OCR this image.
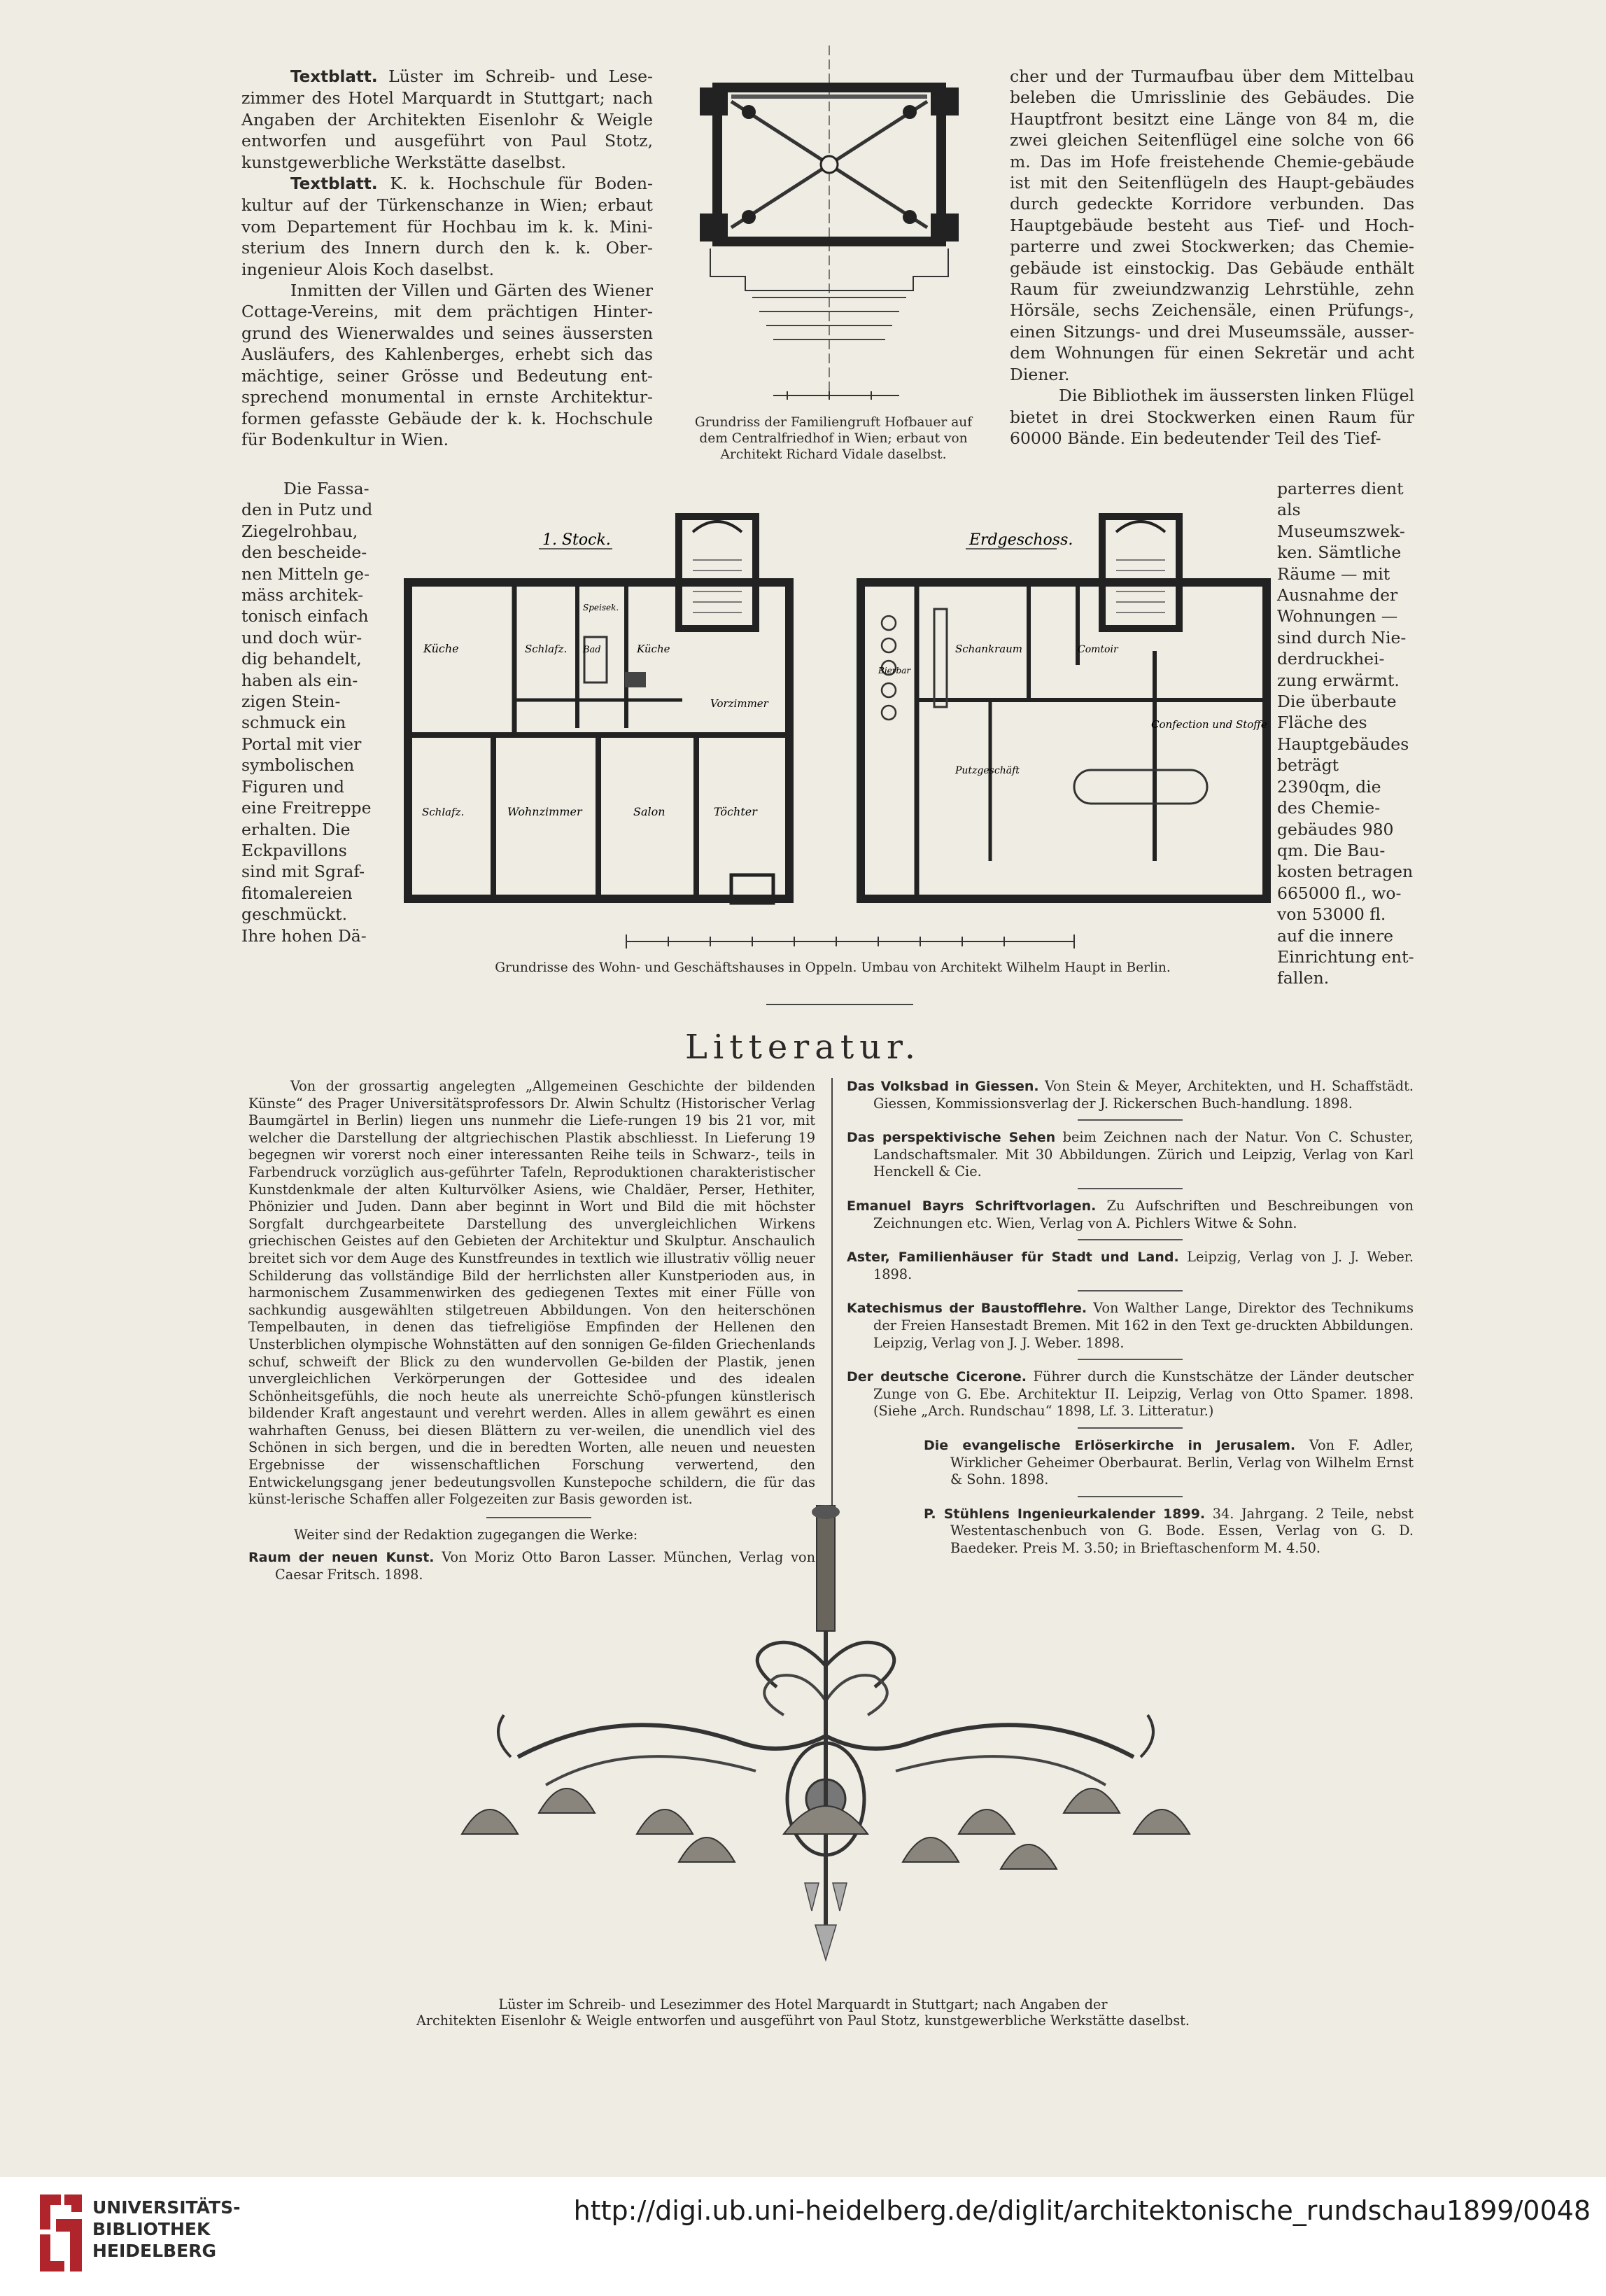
Textblatt. Lüster im Schreib- und Lese-zimmer des Hotel Marquardt in Stuttgart; nach Angaben der Architekten Eisenlohr & Weigle entworfen und ausgeführt von Paul Stotz, kunstgewerbliche Werkstätte daselbst.

Textblatt. K. k. Hochschule für Boden-kultur auf der Türkenschanze in Wien; erbaut vom Departement für Hochbau im k. k. Mini-sterium des Innern durch den k. k. Ober-ingenieur Alois Koch daselbst.

Inmitten der Villen und Gärten des Wiener Cottage-Vereins, mit dem prächtigen Hinter-grund des Wienerwaldes und seines äussersten Ausläufers, des Kahlenberges, erhebt sich das mächtige, seiner Grösse und Bedeutung ent-sprechend monumental in ernste Architektur-formen gefasste Gebäude der k. k. Hochschule für Bodenkultur in Wien.

Die Fassa-den in Putz und Ziegelrohbau, den bescheide-nen Mitteln ge-mäss architek-tonisch einfach und doch wür-dig behandelt, haben als ein-zigen Stein-schmuck ein Portal mit vier symbolischen Figuren und eine Freitreppe erhalten. Die Eckpavillons sind mit Sgraf-fitomalereien geschmückt. Ihre hohen Dä-

cher und der Turmaufbau über dem Mittelbau beleben die Umrisslinie des Gebäudes. Die Hauptfront besitzt eine Länge von 84 m, die zwei gleichen Seitenflügel eine solche von 66 m. Das im Hofe freistehende Chemie-gebäude ist mit den Seitenflügeln des Haupt-gebäudes durch gedeckte Korridore verbunden. Das Hauptgebäude besteht aus Tief- und Hoch-parterre und zwei Stockwerken; das Chemie-gebäude ist einstockig. Das Gebäude enthält Raum für zweiundzwanzig Lehrstühle, zehn Hörsäle, sechs Zeichensäle, einen Prüfungs-, einen Sitzungs- und drei Museumssäle, ausser-dem Wohnungen für einen Sekretär und acht Diener.

Die Bibliothek im äussersten linken Flügel bietet in drei Stockwerken einen Raum für 60000 Bände. Ein bedeutender Teil des Tief-

parterres dient als Museumszwek-ken. Sämtliche Räume — mit Ausnahme der Wohnungen — sind durch Nie-derdruckhei-zung erwärmt. Die überbaute Fläche des Hauptgebäudes beträgt 2390qm, die des Chemie-gebäudes 980 qm. Die Bau-kosten betragen 665000 fl., wo-von 53000 fl. auf die innere Einrichtung ent-fallen.

Grundriss der Familiengruft Hofbauer auf
dem Centralfriedhof in Wien; erbaut von
Architekt Richard Vidale daselbst.
1. Stock.
Küche	Schlafz. Bad
Speisek.
Küche
Vorzimmer
Schlafz.	Wohnzimmer	Salon	Töchter
Erdgeschoss.
Bierbar
Schankraum	Comtoir
Confection und Stoffe
Putzgeschäft
Grundrisse des Wohn- und Geschäftshauses in Oppeln. Umbau von Architekt Wilhelm Haupt in Berlin.
Litteratur.

Von der grossartig angelegten „Allgemeinen Geschichte der bildenden Künste“ des Prager Universitätsprofessors Dr. Alwin Schultz (Historischer Verlag Baumgärtel in Berlin) liegen uns nunmehr die Liefe-rungen 19 bis 21 vor, mit welcher die Darstellung der altgriechischen Plastik abschliesst. In Lieferung 19 begegnen wir vorerst noch einer interessanten Reihe teils in Schwarz-, teils in Farbendruck vorzüglich aus-geführter Tafeln, Reproduktionen charakteristischer Kunstdenkmale der alten Kulturvölker Asiens, wie Chaldäer, Perser, Hethiter, Phönizier und Juden. Dann aber beginnt in Wort und Bild die mit höchster Sorgfalt durchgearbeitete Darstellung des unvergleichlichen Wirkens griechischen Geistes auf den Gebieten der Architektur und Skulptur. Anschaulich breitet sich vor dem Auge des Kunstfreundes in textlich wie illustrativ völlig neuer Schilderung das vollständige Bild der herrlichsten aller Kunstperioden aus, in harmonischem Zusammenwirken des gediegenen Textes mit einer Fülle von sachkundig ausgewählten stilgetreuen Abbildungen. Von den heiterschönen Tempelbauten, in denen das tiefreligiöse Empfinden der Hellenen den Unsterblichen olympische Wohnstätten auf den sonnigen Ge-filden Griechenlands schuf, schweift der Blick zu den wundervollen Ge-bilden der Plastik, jenen unvergleichlichen Verkörperungen der Gottesidee und des idealen Schönheitsgefühls, die noch heute als unerreichte Schö-pfungen künstlerisch bildender Kraft angestaunt und verehrt werden. Alles in allem gewährt es einen wahrhaften Genuss, bei diesen Blättern zu ver-weilen, die unendlich viel des Schönen in sich bergen, und die in beredten Worten, alle neuen und neuesten Ergebnisse der wissenschaftlichen Forschung verwertend, den Entwickelungsgang jener bedeutungsvollen Kunstepoche schildern, die für das künst-lerische Schaffen aller Folgezeiten zur Basis geworden ist.

Weiter sind der Redaktion zugegangen die Werke:

Raum der neuen Kunst. Von Moriz Otto Baron Lasser. München, Verlag von Caesar Fritsch. 1898.

Das Volksbad in Giessen. Von Stein & Meyer, Architekten, und H. Schaffstädt. Giessen, Kommissionsverlag der J. Rickerschen Buch-handlung. 1898.

Das perspektivische Sehen beim Zeichnen nach der Natur. Von C. Schuster, Landschaftsmaler. Mit 30 Abbildungen. Zürich und Leipzig, Verlag von Karl Henckell & Cie.

Emanuel Bayrs Schriftvorlagen. Zu Aufschriften und Beschreibungen von Zeichnungen etc. Wien, Verlag von A. Pichlers Witwe & Sohn.

Aster, Familienhäuser für Stadt und Land. Leipzig, Verlag von J. J. Weber. 1898.

Katechismus der Baustofflehre. Von Walther Lange, Direktor des Technikums der Freien Hansestadt Bremen. Mit 162 in den Text ge-druckten Abbildungen. Leipzig, Verlag von J. J. Weber. 1898.

Der deutsche Cicerone. Führer durch die Kunstschätze der Länder deutscher Zunge von G. Ebe. Architektur II. Leipzig, Verlag von Otto Spamer. 1898. (Siehe „Arch. Rundschau“ 1898, Lf. 3. Litteratur.)

Die evangelische Erlöserkirche in Jerusalem. Von F. Adler, Wirklicher Geheimer Oberbaurat. Berlin, Verlag von Wilhelm Ernst & Sohn. 1898.

P. Stühlens Ingenieurkalender 1899. 34. Jahrgang. 2 Teile, nebst Westentaschenbuch von G. Bode. Essen, Verlag von G. D. Baedeker. Preis M. 3.50; in Brieftaschenform M. 4.50.

Lüster im Schreib- und Lesezimmer des Hotel Marquardt in Stuttgart; nach Angaben der
Architekten Eisenlohr & Weigle entworfen und ausgeführt von Paul Stotz, kunstgewerbliche Werkstätte daselbst.
UNIVERSITÄTS-
BIBLIOTHEK
HEIDELBERG
http://digi.ub.uni-heidelberg.de/diglit/architektonische_rundschau1899/0048
